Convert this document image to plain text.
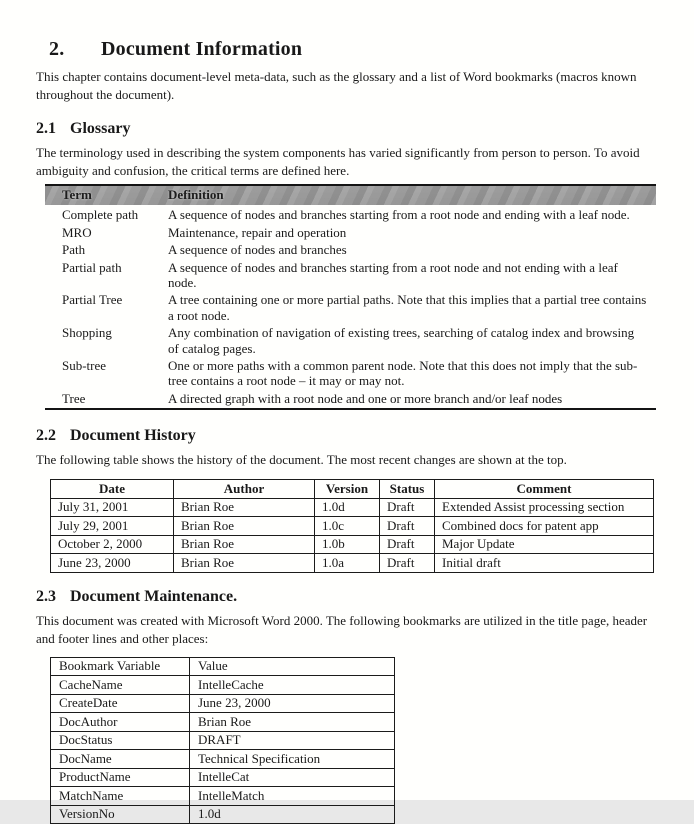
2.	Document Information

This chapter contains document-level meta-data, such as the glossary and a list of Word bookmarks (macros known throughout the document).

2.1 Glossary

The terminology used in describing the system components has varied significantly from person to person. To avoid ambiguity and confusion, the critical terms are defined here.

Term	Definition
Complete path	A sequence of nodes and branches starting from a root node and ending with a leaf node.
MRO	Maintenance, repair and operation
Path	A sequence of nodes and branches
Partial path	A sequence of nodes and branches starting from a root node and not ending with a leaf node.
Partial Tree	A tree containing one or more partial paths. Note that this implies that a partial tree contains a root node.
Shopping	Any combination of navigation of existing trees, searching of catalog index and browsing of catalog pages.
Sub-tree	One or more paths with a common parent node. Note that this does not imply that the sub-tree contains a root node – it may or may not.
Tree	A directed graph with a root node and one or more branch and/or leaf nodes
2.2 Document History

The following table shows the history of the document. The most recent changes are shown at the top.

Date	Author	Version	Status	Comment
July 31, 2001	Brian Roe	1.0d	Draft	Extended Assist processing section
July 29, 2001	Brian Roe	1.0c	Draft	Combined docs for patent app
October 2, 2000	Brian Roe	1.0b	Draft	Major Update
June 23, 2000	Brian Roe	1.0a	Draft	Initial draft
2.3 Document Maintenance.

This document was created with Microsoft Word 2000. The following bookmarks are utilized in the title page, header and footer lines and other places:

Bookmark Variable	Value
CacheName	IntelleCache
CreateDate	June 23, 2000
DocAuthor	Brian Roe
DocStatus	DRAFT
DocName	Technical Specification
ProductName	IntelleCat
MatchName	IntelleMatch
VersionNo	1.0d
